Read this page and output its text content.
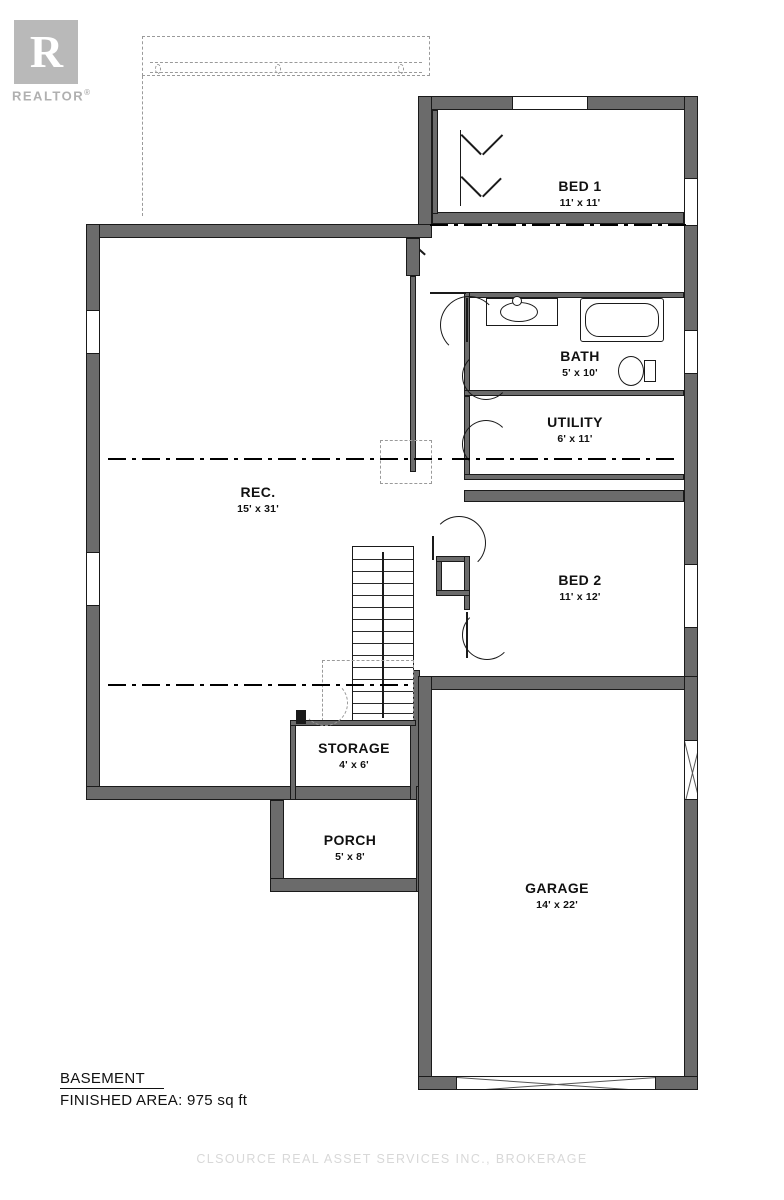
R
REALTOR®
BED 1
11' x 11'
BATH
5' x 10'
UTILITY
6' x 11'
REC.
15' x 31'
BED 2
11' x 12'
STORAGE
4' x 6'
PORCH
5' x 8'
GARAGE
14' x 22'
BASEMENT
FINISHED AREA: 975 sq ft
CLSOURCE REAL ASSET SERVICES INC., BROKERAGE
